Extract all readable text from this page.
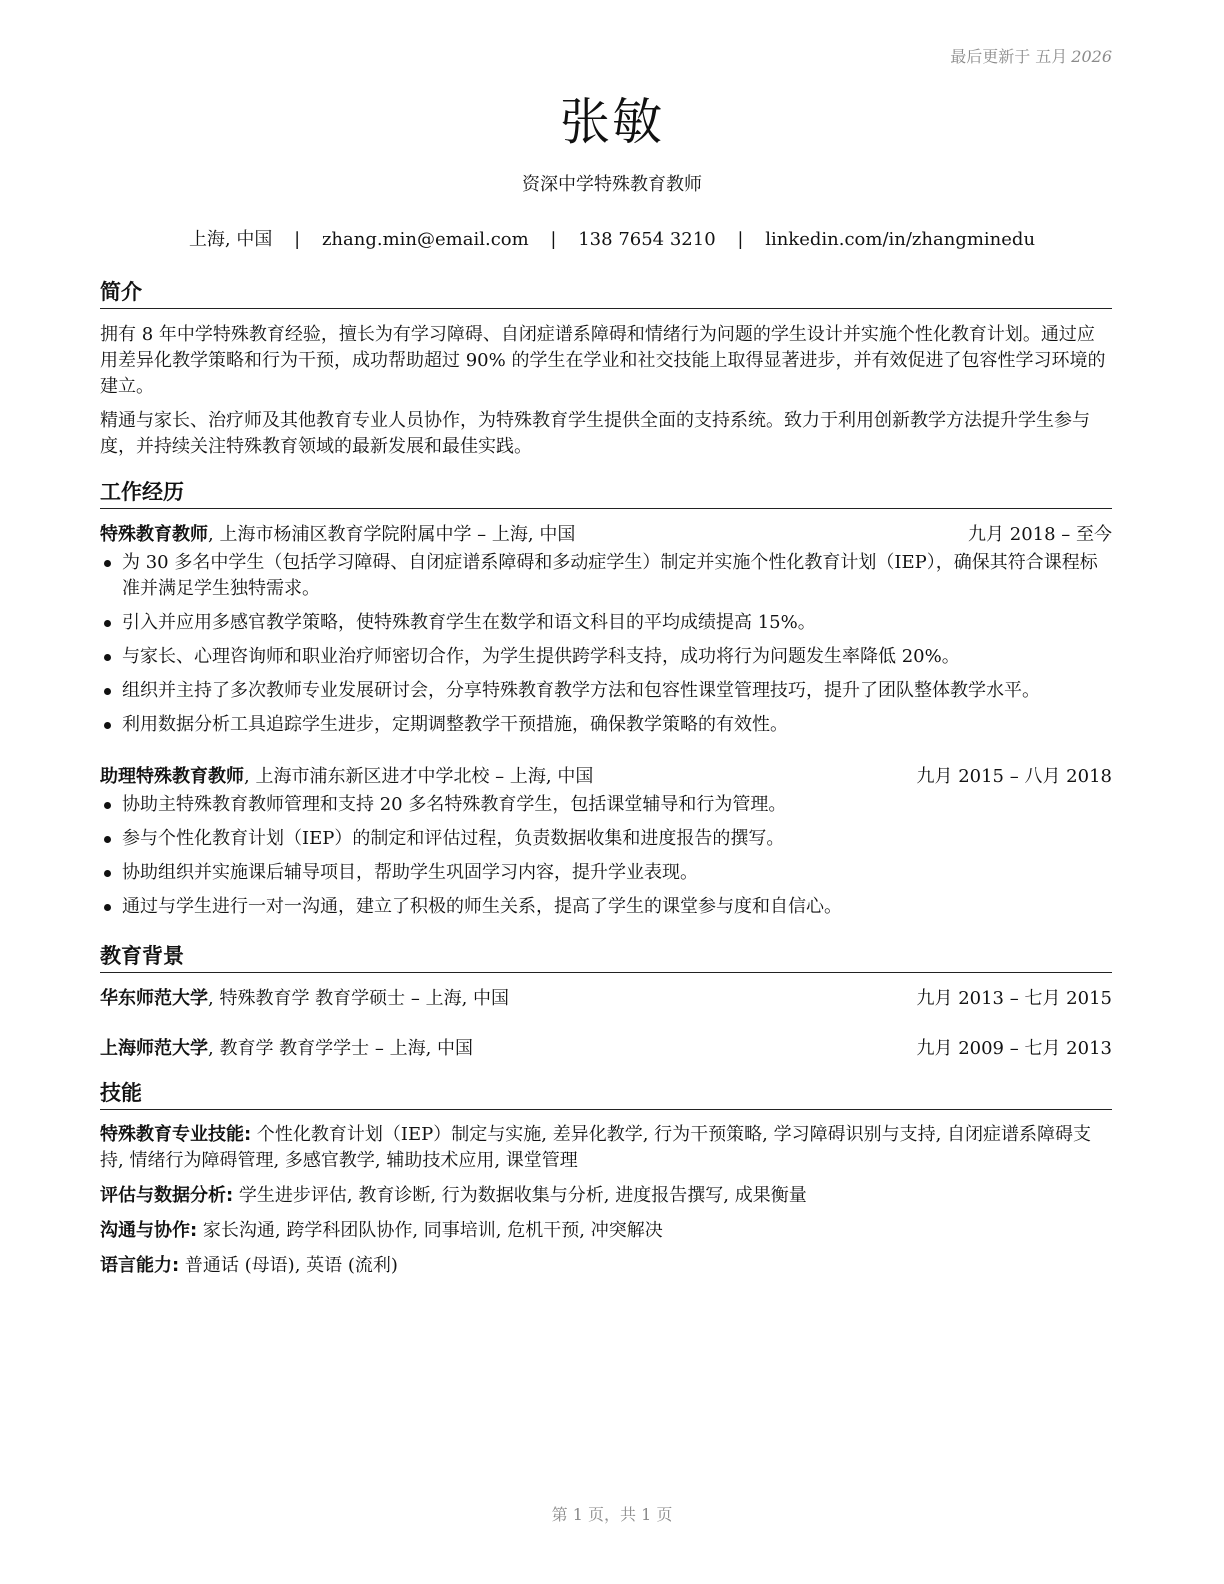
最后更新于 五月 2026
张敏
资深中学特殊教育教师
上海, 中国 | zhang.min@email.com | 138 7654 3210 | linkedin.com/in/zhangminedu
简介

拥有 8 年中学特殊教育经验，擅长为有学习障碍、自闭症谱系障碍和情绪行为问题的学生设计并实施个性化教育计划。通过应用差异化教学策略和行为干预，成功帮助超过 90% 的学生在学业和社交技能上取得显著进步，并有效促进了包容性学习环境的建立。

精通与家长、治疗师及其他教育专业人员协作，为特殊教育学生提供全面的支持系统。致力于利用创新教学方法提升学生参与度，并持续关注特殊教育领域的最新发展和最佳实践。

工作经历
特殊教育教师, 上海市杨浦区教育学院附属中学 – 上海, 中国	九月 2018 – 至今
为 30 多名中学生（包括学习障碍、自闭症谱系障碍和多动症学生）制定并实施个性化教育计划（IEP），确保其符合课程标准并满足学生独特需求。
引入并应用多感官教学策略，使特殊教育学生在数学和语文科目的平均成绩提高 15%。
与家长、心理咨询师和职业治疗师密切合作，为学生提供跨学科支持，成功将行为问题发生率降低 20%。
组织并主持了多次教师专业发展研讨会，分享特殊教育教学方法和包容性课堂管理技巧，提升了团队整体教学水平。
利用数据分析工具追踪学生进步，定期调整教学干预措施，确保教学策略的有效性。
助理特殊教育教师, 上海市浦东新区进才中学北校 – 上海, 中国	九月 2015 – 八月 2018
协助主特殊教育教师管理和支持 20 多名特殊教育学生，包括课堂辅导和行为管理。
参与个性化教育计划（IEP）的制定和评估过程，负责数据收集和进度报告的撰写。
协助组织并实施课后辅导项目，帮助学生巩固学习内容，提升学业表现。
通过与学生进行一对一沟通，建立了积极的师生关系，提高了学生的课堂参与度和自信心。
教育背景
华东师范大学, 特殊教育学 教育学硕士 – 上海, 中国	九月 2013 – 七月 2015
上海师范大学, 教育学 教育学学士 – 上海, 中国	九月 2009 – 七月 2013
技能
特殊教育专业技能: 个性化教育计划（IEP）制定与实施, 差异化教学, 行为干预策略, 学习障碍识别与支持, 自闭症谱系障碍支持, 情绪行为障碍管理, 多感官教学, 辅助技术应用, 课堂管理
评估与数据分析: 学生进步评估, 教育诊断, 行为数据收集与分析, 进度报告撰写, 成果衡量
沟通与协作: 家长沟通, 跨学科团队协作, 同事培训, 危机干预, 冲突解决
语言能力: 普通话 (母语), 英语 (流利)
第 1 页，共 1 页
